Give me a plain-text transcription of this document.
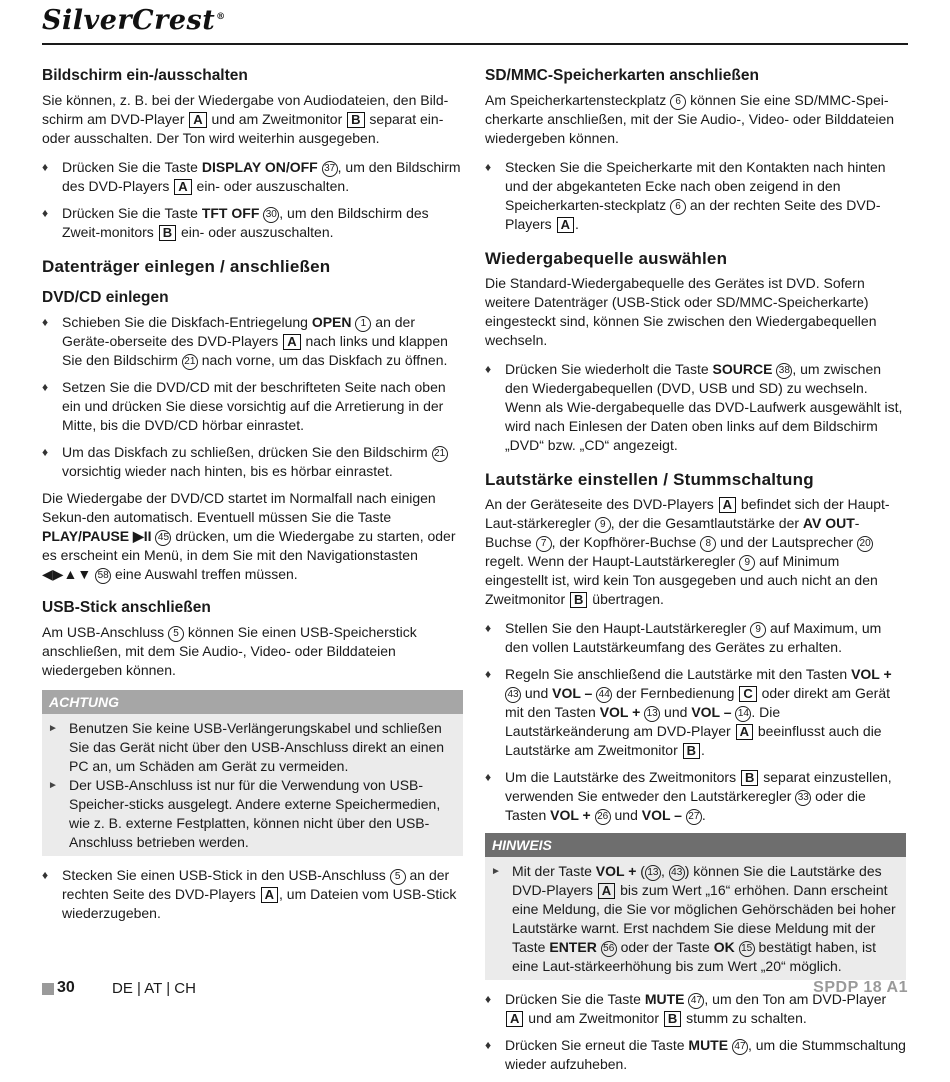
SilverCrest®
Bildschirm ein-/ausschalten

Sie können, z. B. bei der Wiedergabe von Audiodateien, den Bild-schirm am DVD-Player A und am Zweitmonitor B separat ein- oder ausschalten. Der Ton wird weiterhin ausgegeben.

♦ Drücken Sie die Taste DISPLAY ON/OFF 37 , um den Bildschirm des DVD-Players A ein- oder auszuschalten.
♦ Drücken Sie die Taste TFT OFF 30 , um den Bildschirm des Zweit-monitors B ein- oder auszuschalten.
Datenträger einlegen / anschließen
DVD/CD einlegen
♦ Schieben Sie die Diskfach-Entriegelung OPEN 1 an der Geräte-oberseite des DVD-Players A nach links und klappen Sie den Bildschirm 21 nach vorne, um das Diskfach zu öffnen.
♦ Setzen Sie die DVD/CD mit der beschrifteten Seite nach oben ein und drücken Sie diese vorsichtig auf die Arretierung in der Mitte, bis die DVD/CD hörbar einrastet.
♦ Um das Diskfach zu schließen, drücken Sie den Bildschirm 21 vorsichtig wieder nach hinten, bis es hörbar einrastet.

Die Wiedergabe der DVD/CD startet im Normalfall nach einigen Sekun-den automatisch. Eventuell müssen Sie die Taste PLAY/PAUSE ▶II 45 drücken, um die Wiedergabe zu starten, oder es erscheint ein Menü, in dem Sie mit den Navigationstasten ◀▶▲▼ 58 eine Auswahl treffen müssen.

USB-Stick anschließen

Am USB-Anschluss 5 können Sie einen USB-Speicherstick anschließen, mit dem Sie Audio-, Video- oder Bilddateien wiedergeben können.

ACHTUNG
► Benutzen Sie keine USB-Verlängerungskabel und schließen Sie das Gerät nicht über den USB-Anschluss direkt an einen PC an, um Schäden am Gerät zu vermeiden.
► Der USB-Anschluss ist nur für die Verwendung von USB-Speicher-sticks ausgelegt. Andere externe Speichermedien, wie z. B. externe Festplatten, können nicht über den USB-Anschluss betrieben werden.
♦ Stecken Sie einen USB-Stick in den USB-Anschluss 5 an der rechten Seite des DVD-Players A , um Dateien vom USB-Stick wiederzugeben.
SD/MMC-Speicherkarten anschließen

Am Speicherkartensteckplatz 6 können Sie eine SD/MMC-Spei-cherkarte anschließen, mit der Sie Audio-, Video- oder Bilddateien wiedergeben können.

♦ Stecken Sie die Speicherkarte mit den Kontakten nach hinten und der abgekanteten Ecke nach oben zeigend in den Speicherkarten-steckplatz 6 an der rechten Seite des DVD-Players A .
Wiedergabequelle auswählen

Die Standard-Wiedergabequelle des Gerätes ist DVD. Sofern weitere Datenträger (USB-Stick oder SD/MMC-Speicherkarte) eingesteckt sind, können Sie zwischen den Wiedergabequellen wechseln.

♦ Drücken Sie wiederholt die Taste SOURCE 38 , um zwischen den Wiedergabequellen (DVD, USB und SD) zu wechseln. Wenn als Wie-dergabequelle das DVD-Laufwerk ausgewählt ist, wird nach Einlesen der Daten oben links auf dem Bildschirm „DVD“ bzw. „CD“ angezeigt.
Lautstärke einstellen / Stummschaltung

An der Geräteseite des DVD-Players A befindet sich der Haupt-Laut-stärkeregler 9 , der die Gesamtlautstärke der AV OUT-Buchse 7 , der Kopfhörer-Buchse 8 und der Lautsprecher 20 regelt. Wenn der Haupt-Lautstärkeregler 9 auf Minimum eingestellt ist, wird kein Ton ausgegeben und auch nicht an den Zweitmonitor B übertragen.

♦ Stellen Sie den Haupt-Lautstärkeregler 9 auf Maximum, um den vollen Lautstärkeumfang des Gerätes zu erhalten.
♦ Regeln Sie anschließend die Lautstärke mit den Tasten VOL + 43 und VOL – 44 der Fernbedienung C oder direkt am Gerät mit den Tasten VOL + 13 und VOL – 14 . Die Lautstärkeänderung am DVD-Player A beeinflusst auch die Lautstärke am Zweitmonitor B .
♦ Um die Lautstärke des Zweitmonitors B separat einzustellen, verwenden Sie entweder den Lautstärkeregler 33 oder die Tasten VOL + 26 und VOL – 27 .
HINWEIS
► Mit der Taste VOL + ( 13 , 43 ) können Sie die Lautstärke des DVD-Players A bis zum Wert „16“ erhöhen. Dann erscheint eine Meldung, die Sie vor möglichen Gehörschäden bei hoher Lautstärke warnt. Erst nachdem Sie diese Meldung mit der Taste ENTER 56 oder der Taste OK 15 bestätigt haben, ist eine Laut-stärkeerhöhung bis zum Wert „20“ möglich.
♦ Drücken Sie die Taste MUTE 47 , um den Ton am DVD-Player A und am Zweitmonitor B stumm zu schalten.
♦ Drücken Sie erneut die Taste MUTE 47 , um die Stummschaltung wieder aufzuheben.
30 DE | AT | CH	SPDP 18 A1
